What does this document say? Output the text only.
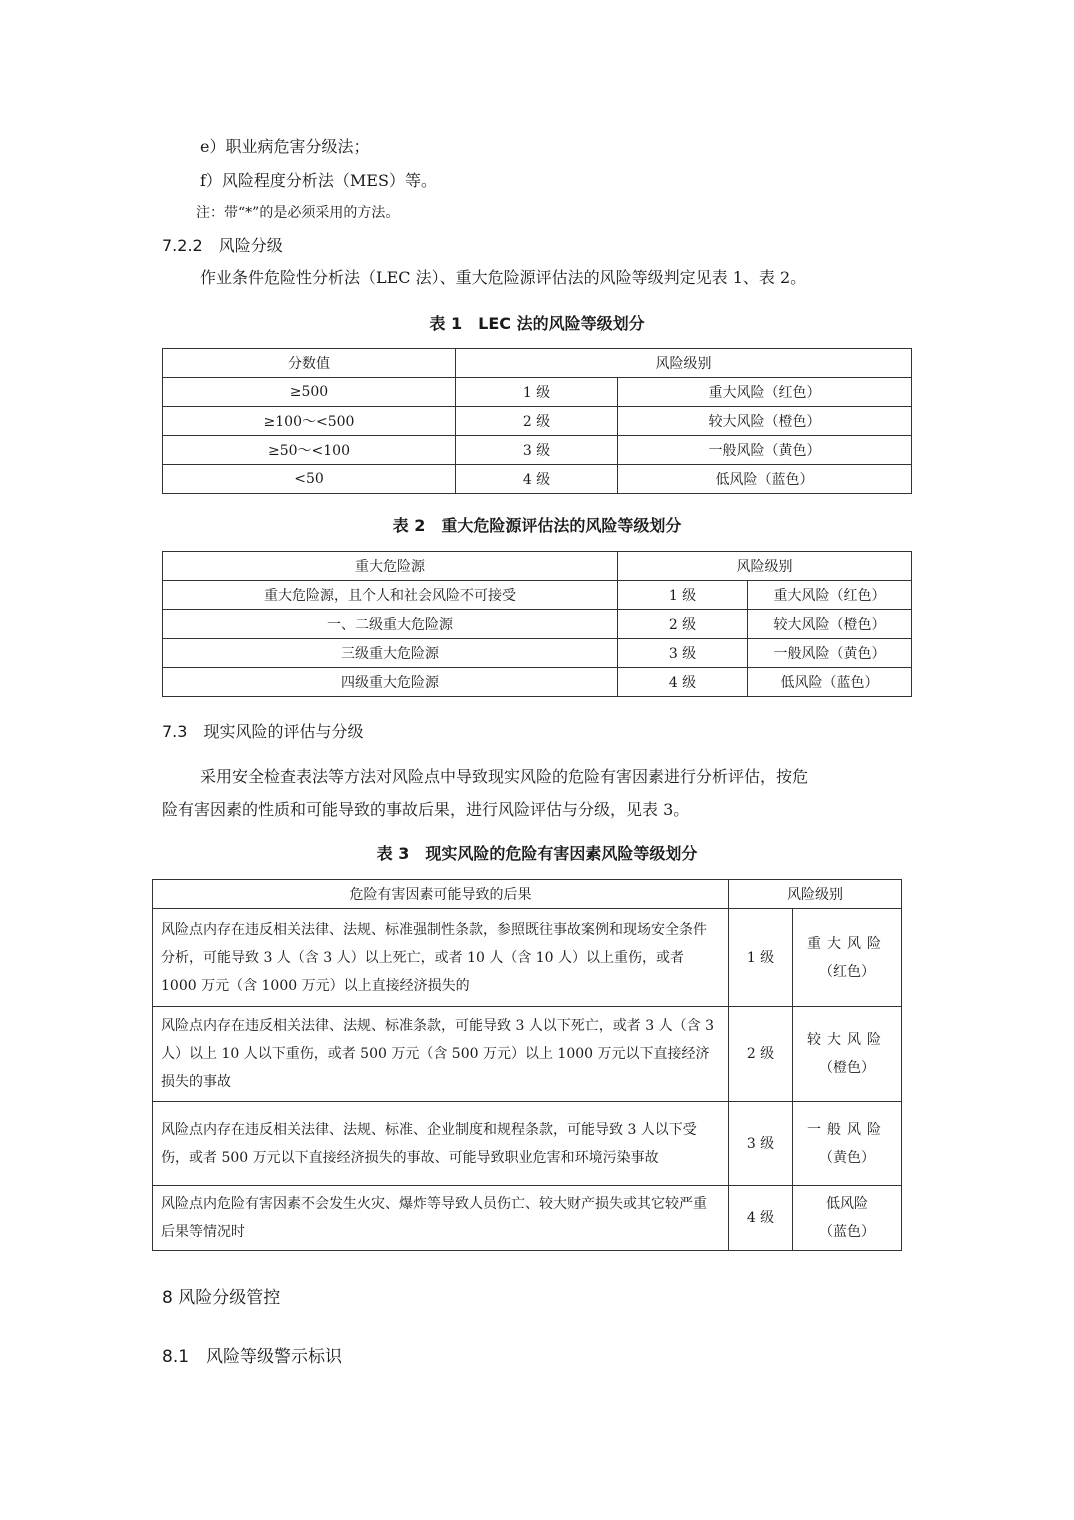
e）职业病危害分级法；
f）风险程度分析法（MES）等。
注：带“*”的是必须采用的方法。
7.2.2　风险分级
作业条件危险性分析法（LEC 法）、重大危险源评估法的风险等级判定见表 1、表 2。
表 1　LEC 法的风险等级划分
分数值	风险级别	
≥500	1 级	重大风险（红色）
≥100～<500	2 级	较大风险（橙色）
≥50～<100	3 级	一般风险（黄色）
<50	4 级	低风险（蓝色）
表 2　重大危险源评估法的风险等级划分
重大危险源	风险级别	
重大危险源，且个人和社会风险不可接受	1 级	重大风险（红色）
一、二级重大危险源	2 级	较大风险（橙色）
三级重大危险源	3 级	一般风险（黄色）
四级重大危险源	4 级	低风险（蓝色）
7.3　现实风险的评估与分级
采用安全检查表法等方法对风险点中导致现实风险的危险有害因素进行分析评估，按危
险有害因素的性质和可能导致的事故后果，进行风险评估与分级，见表 3。
表 3　现实风险的危险有害因素风险等级划分
危险有害因素可能导致的后果	风险级别	
风险点内存在违反相关法律、法规、标准强制性条款，参照既往事故案例和现场安全条件分析，可能导致 3 人（含 3 人）以上死亡，或者 10 人（含 10 人）以上重伤，或者 1000 万元（含 1000 万元）以上直接经济损失的	1 级	重大风险
（红色）

风险点内存在违反相关法律、法规、标准条款，可能导致 3 人以下死亡，或者 3 人（含 3 人）以上 10 人以下重伤，或者 500 万元（含 500 万元）以上 1000 万元以下直接经济损失的事故	2 级	较大风险
（橙色）

风险点内存在违反相关法律、法规、标准、企业制度和规程条款，可能导致 3 人以下受伤，或者 500 万元以下直接经济损失的事故、可能导致职业危害和环境污染事故	3 级	一般风险
（黄色）

风险点内危险有害因素不会发生火灾、爆炸等导致人员伤亡、较大财产损失或其它较严重后果等情况时	4 级	低风险
（蓝色）
8 风险分级管控
8.1　风险等级警示标识
